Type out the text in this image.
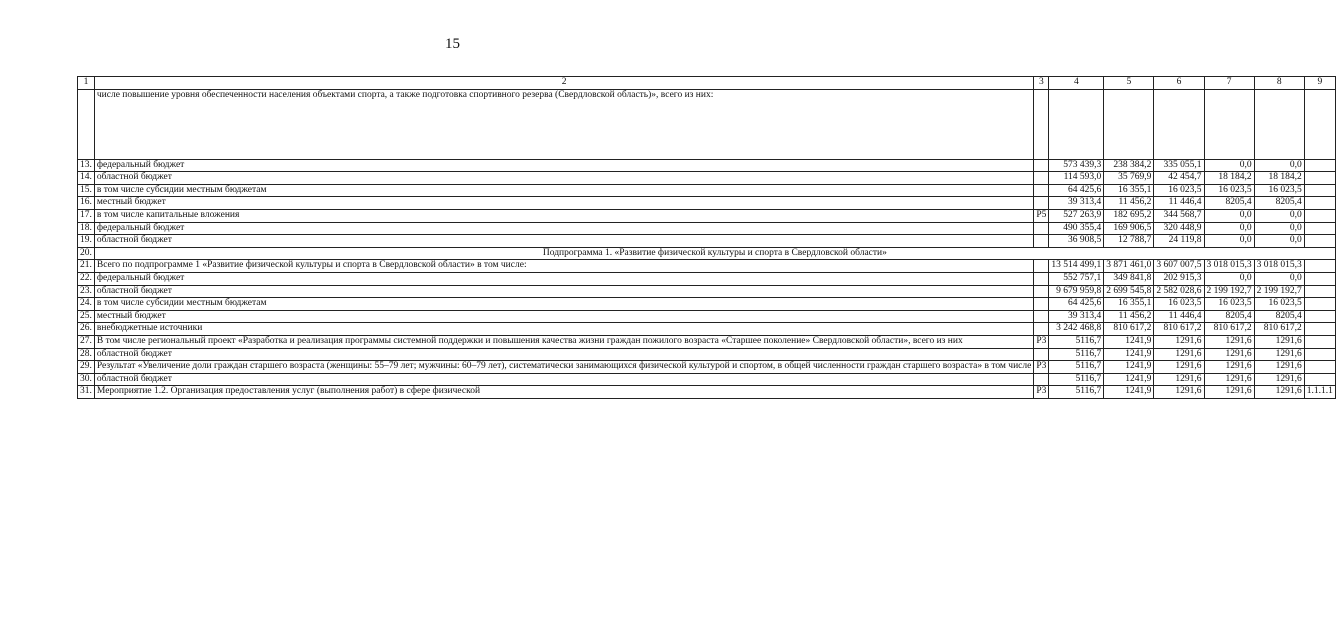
15
1	2	3	4	5	6	7	8	9
	числе повышение уровня обеспеченности населения объектами спорта, а также подготовка спортивного резерва (Свердловской область)», всего из них:							
13.	федеральный бюджет		573 439,3	238 384,2	335 055,1	0,0	0,0	
14.	областной бюджет		114 593,0	35 769,9	42 454,7	18 184,2	18 184,2	
15.	в том числе субсидии местным бюджетам		64 425,6	16 355,1	16 023,5	16 023,5	16 023,5	
16.	местный бюджет		39 313,4	11 456,2	11 446,4	8205,4	8205,4	
17.	в том числе капитальные вложения	Р5	527 263,9	182 695,2	344 568,7	0,0	0,0	
18.	федеральный бюджет		490 355,4	169 906,5	320 448,9	0,0	0,0	
19.	областной бюджет		36 908,5	12 788,7	24 119,8	0,0	0,0	
20.	Подпрограмма 1. «Развитие физической культуры и спорта в Свердловской области»							
21.	Всего по подпрограмме 1 «Развитие физической культуры и спорта в Свердловской области» в том числе:		13 514 499,1	3 871 461,0	3 607 007,5	3 018 015,3	3 018 015,3	
22.	федеральный бюджет		552 757,1	349 841,8	202 915,3	0,0	0,0	
23.	областной бюджет		9 679 959,8	2 699 545,8	2 582 028,6	2 199 192,7	2 199 192,7	
24.	в том числе субсидии местным бюджетам		64 425,6	16 355,1	16 023,5	16 023,5	16 023,5	
25.	местный бюджет		39 313,4	11 456,2	11 446,4	8205,4	8205,4	
26.	внебюджетные источники		3 242 468,8	810 617,2	810 617,2	810 617,2	810 617,2	
27.	В том числе региональный проект «Разработка и реализация программы системной поддержки и повышения качества жизни граждан пожилого возраста «Старшее поколение» Свердловской области», всего из них	Р3	5116,7	1241,9	1291,6	1291,6	1291,6	
28.	областной бюджет		5116,7	1241,9	1291,6	1291,6	1291,6	
29.	Результат «Увеличение доли граждан старшего возраста (женщины: 55–79 лет; мужчины: 60–79 лет), систематически занимающихся физической культурой и спортом, в общей численности граждан старшего возраста» в том числе	Р3	5116,7	1241,9	1291,6	1291,6	1291,6	
30.	областной бюджет		5116,7	1241,9	1291,6	1291,6	1291,6	
31.	Мероприятие 1.2. Организация предоставления услуг (выполнения работ) в сфере физической	Р3	5116,7	1241,9	1291,6	1291,6	1291,6	1.1.1.1
